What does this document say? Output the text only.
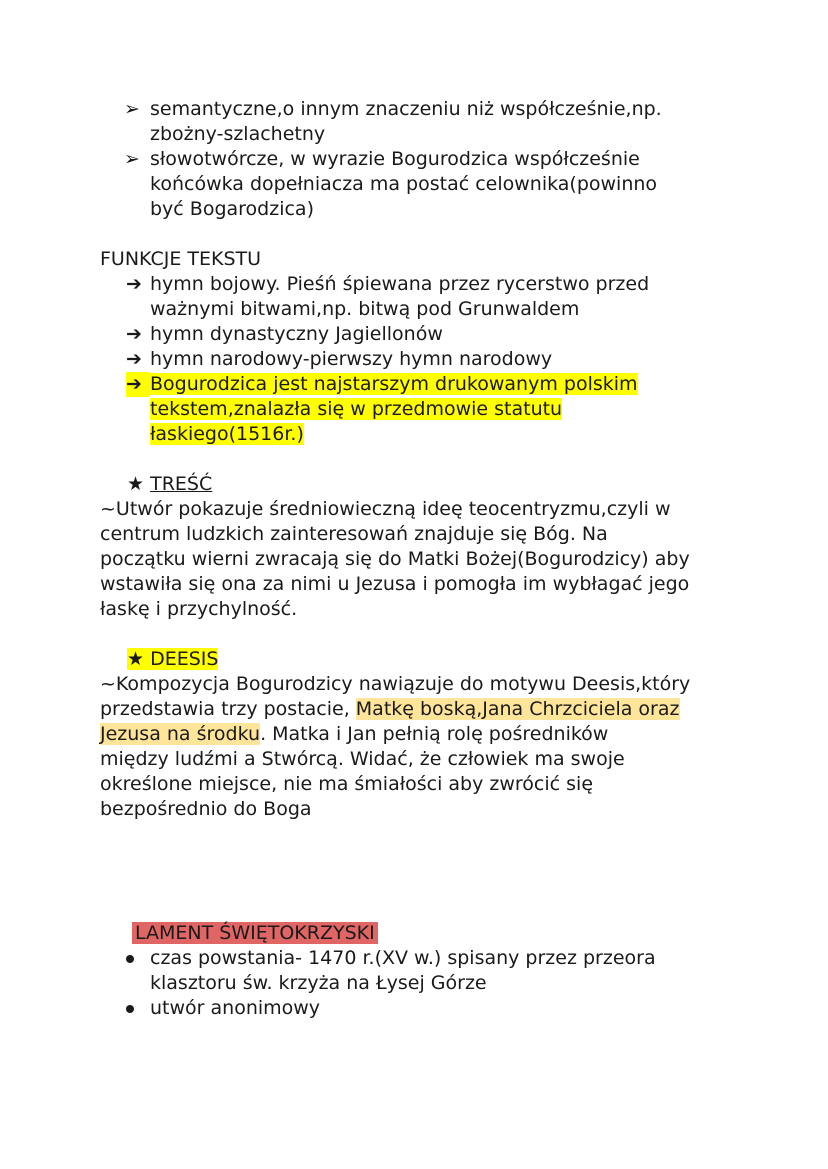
➢ semantyczne,o innym znaczeniu niż współcześnie,np.
zbożny-szlachetny
➢ słowotwórcze, w wyrazie Bogurodzica współcześnie
końcówka dopełniacza ma postać celownika(powinno
być Bogarodzica)
FUNKCJE TEKSTU
➔ hymn bojowy. Pieśń śpiewana przez rycerstwo przed
ważnymi bitwami,np. bitwą pod Grunwaldem
➔ hymn dynastyczny Jagiellonów
➔ hymn narodowy-pierwszy hymn narodowy
➔ Bogurodzica jest najstarszym drukowanym polskim
tekstem,znalazła się w przedmowie statutu
łaskiego(1516r.)
★ TREŚĆ
~Utwór pokazuje średniowieczną ideę teocentryzmu,czyli w
centrum ludzkich zainteresowań znajduje się Bóg. Na
początku wierni zwracają się do Matki Bożej(Bogurodzicy) aby
wstawiła się ona za nimi u Jezusa i pomogła im wybłagać jego
łaskę i przychylność.
★ DEESIS
~Kompozycja Bogurodzicy nawiązuje do motywu Deesis,który
przedstawia trzy postacie, Matkę boską,Jana Chrzciciela oraz
Jezusa na środku. Matka i Jan pełnią rolę pośredników
między ludźmi a Stwórcą. Widać, że człowiek ma swoje
określone miejsce, nie ma śmiałości aby zwrócić się
bezpośrednio do Boga
LAMENT ŚWIĘTOKRZYSKI
czas powstania- 1470 r.(XV w.) spisany przez przeora
klasztoru św. krzyża na Łysej Górze
utwór anonimowy
